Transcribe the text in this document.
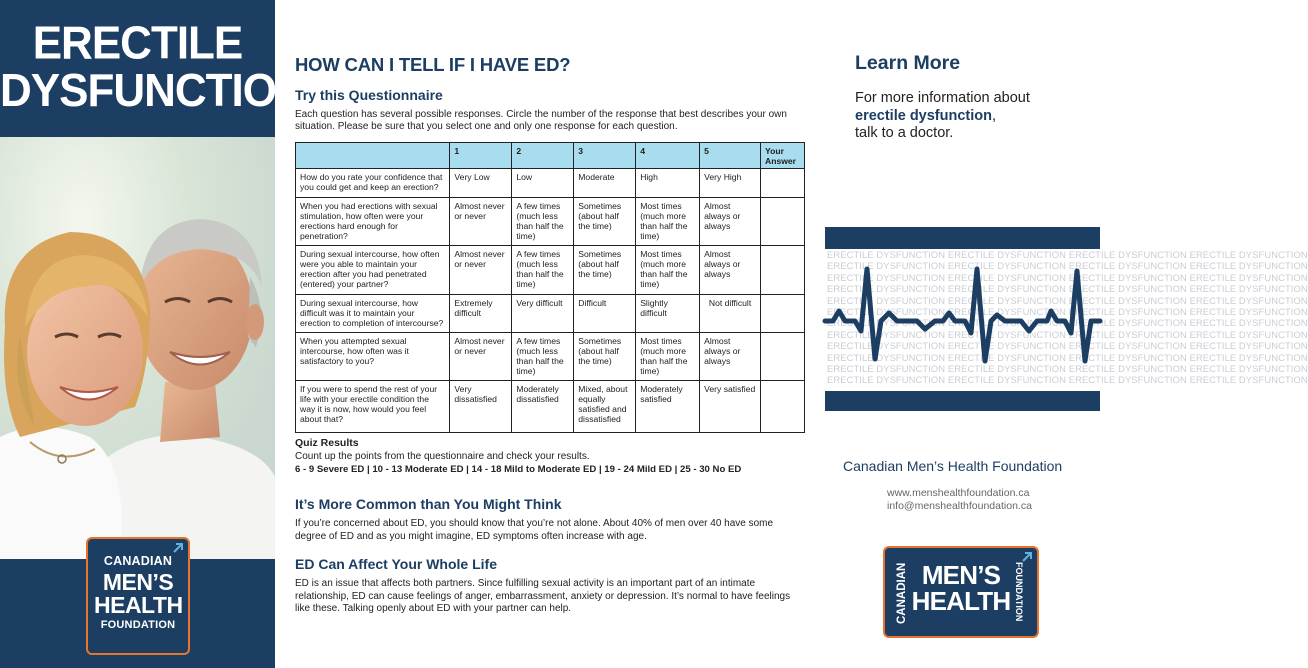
ERECTILE
DYSFUNCTION
CANADIAN
MEN’S
HEALTH
FOUNDATION
HOW CAN I TELL IF I HAVE ED?
Try this Questionnaire

Each question has several possible responses. Circle the number of the response that best describes your own situation. Please be sure that you select one and only one response for each question.

	1	2	3	4	5	Your Answer
How do you rate your confidence that you could get and keep an erection?	Very Low	Low	Moderate	High	Very High	
When you had erections with sexual stimulation, how often were your erections hard enough for penetration?	Almost never or never	A few times (much less than half the time)	Sometimes (about half the time)	Most times (much more than half the time)	Almost always or always	
During sexual intercourse, how often were you able to maintain your erection after you had penetrated (entered) your partner?	Almost never or never	A few times (much less than half the time)	Sometimes (about half the time)	Most times (much more than half the time)	Almost always or always	
During sexual intercourse, how difficult was it to maintain your erection to completion of intercourse?	Extremely difficult	Very difficult	Difficult	Slightly difficult	Not difficult	
When you attempted sexual intercourse, how often was it satisfactory to you?	Almost never or never	A few times (much less than half the time)	Sometimes (about half the time)	Most times (much more than half the time)	Almost always or always	
If you were to spend the rest of your life with your erectile condition the way it is now, how would you feel about that?	Very dissatisfied	Moderately dissatisfied	Mixed, about equally satisfied and dissatisfied	Moderately satisfied	Very satisfied	
Quiz Results
Count up the points from the questionnaire and check your results.
6 - 9 Severe ED | 10 - 13 Moderate ED | 14 - 18 Mild to Moderate ED | 19 - 24 Mild ED | 25 - 30 No ED
It’s More Common than You Might Think

If you’re concerned about ED, you should know that you’re not alone. About 40% of men over 40 have some degree of ED and as you might imagine, ED symptoms often increase with age.

ED Can Affect Your Whole Life

ED is an issue that affects both partners. Since fulfilling sexual activity is an important part of an intimate relationship, ED can cause feelings of anger, embarrassment, anxiety or depression. It’s normal to have feelings like these. Talking openly about ED with your partner can help.

Learn More

For more information about
erectile dysfunction,
talk to a doctor.

ERECTILE DYSFUNCTION ERECTILE DYSFUNCTION ERECTILE DYSFUNCTION ERECTILE DYSFUNCTION
ERECTILE DYSFUNCTION ERECTILE DYSFUNCTION ERECTILE DYSFUNCTION ERECTILE DYSFUNCTION
ERECTILE DYSFUNCTION ERECTILE DYSFUNCTION ERECTILE DYSFUNCTION ERECTILE DYSFUNCTION
ERECTILE DYSFUNCTION ERECTILE DYSFUNCTION ERECTILE DYSFUNCTION ERECTILE DYSFUNCTION
ERECTILE DYSFUNCTION ERECTILE DYSFUNCTION ERECTILE DYSFUNCTION ERECTILE DYSFUNCTION
ERECTILE DYSFUNCTION ERECTILE DYSFUNCTION ERECTILE DYSFUNCTION ERECTILE DYSFUNCTION
ERECTILE DYSFUNCTION ERECTILE DYSFUNCTION ERECTILE DYSFUNCTION ERECTILE DYSFUNCTION
ERECTILE DYSFUNCTION ERECTILE DYSFUNCTION ERECTILE DYSFUNCTION ERECTILE DYSFUNCTION
ERECTILE DYSFUNCTION ERECTILE DYSFUNCTION ERECTILE DYSFUNCTION ERECTILE DYSFUNCTION
ERECTILE DYSFUNCTION ERECTILE DYSFUNCTION ERECTILE DYSFUNCTION ERECTILE DYSFUNCTION
ERECTILE DYSFUNCTION ERECTILE DYSFUNCTION ERECTILE DYSFUNCTION ERECTILE DYSFUNCTION
ERECTILE DYSFUNCTION ERECTILE DYSFUNCTION ERECTILE DYSFUNCTION ERECTILE DYSFUNCTION
Canadian Men’s Health Foundation
www.menshealthfoundation.ca
info@menshealthfoundation.ca
CANADIAN MEN’S
HEALTH FOUNDATION
